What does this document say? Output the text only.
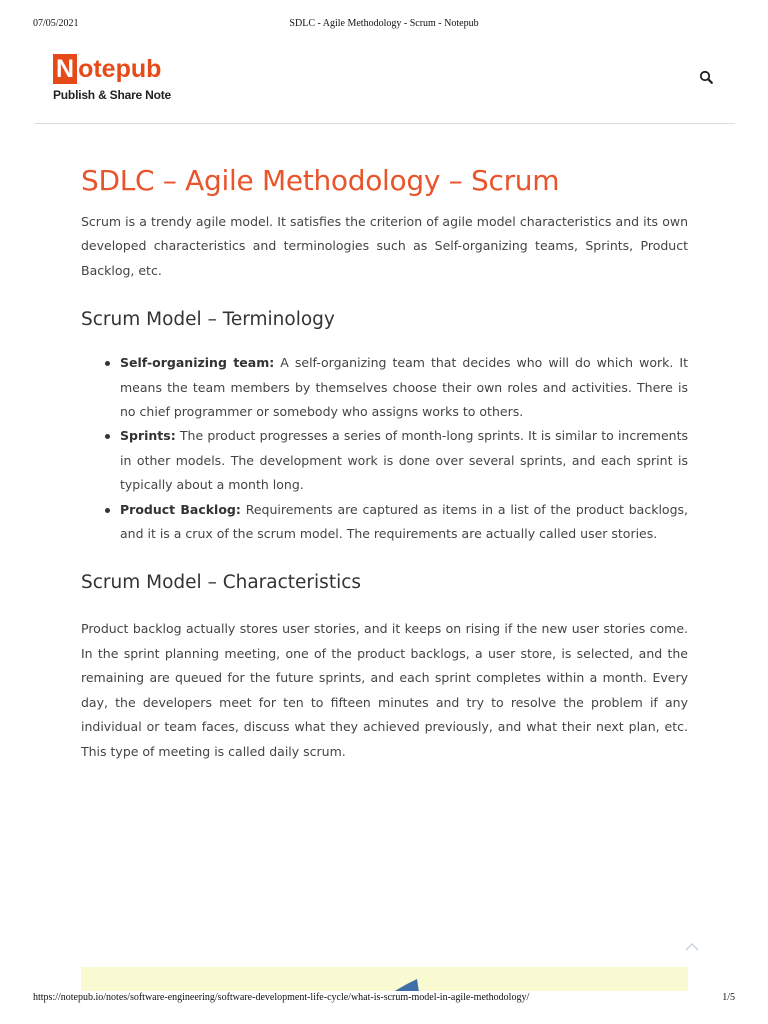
07/05/2021	SDLC - Agile Methodology - Scrum - Notepub
N otepub
Publish & Share Note
SDLC – Agile Methodology – Scrum

Scrum is a trendy agile model. It satisfies the criterion of agile model characteristics and its own developed characteristics and terminologies such as Self-organizing teams, Sprints, Product Backlog, etc.

Scrum Model – Terminology
Self-organizing team: A self-organizing team that decides who will do which work. It means the team members by themselves choose their own roles and activities. There is no chief programmer or somebody who assigns works to others.
Sprints: The product progresses a series of month-long sprints. It is similar to increments in other models. The development work is done over several sprints, and each sprint is typically about a month long.
Product Backlog: Requirements are captured as items in a list of the product backlogs, and it is a crux of the scrum model. The requirements are actually called user stories.
Scrum Model – Characteristics

Product backlog actually stores user stories, and it keeps on rising if the new user stories come. In the sprint planning meeting, one of the product backlogs, a user store, is selected, and the remaining are queued for the future sprints, and each sprint completes within a month. Every day, the developers meet for ten to fifteen minutes and try to resolve the problem if any individual or team faces, discuss what they achieved previously, and what their next plan, etc. This type of meeting is called daily scrum.

https://notepub.io/notes/software-engineering/software-development-life-cycle/what-is-scrum-model-in-agile-methodology/	1/5
